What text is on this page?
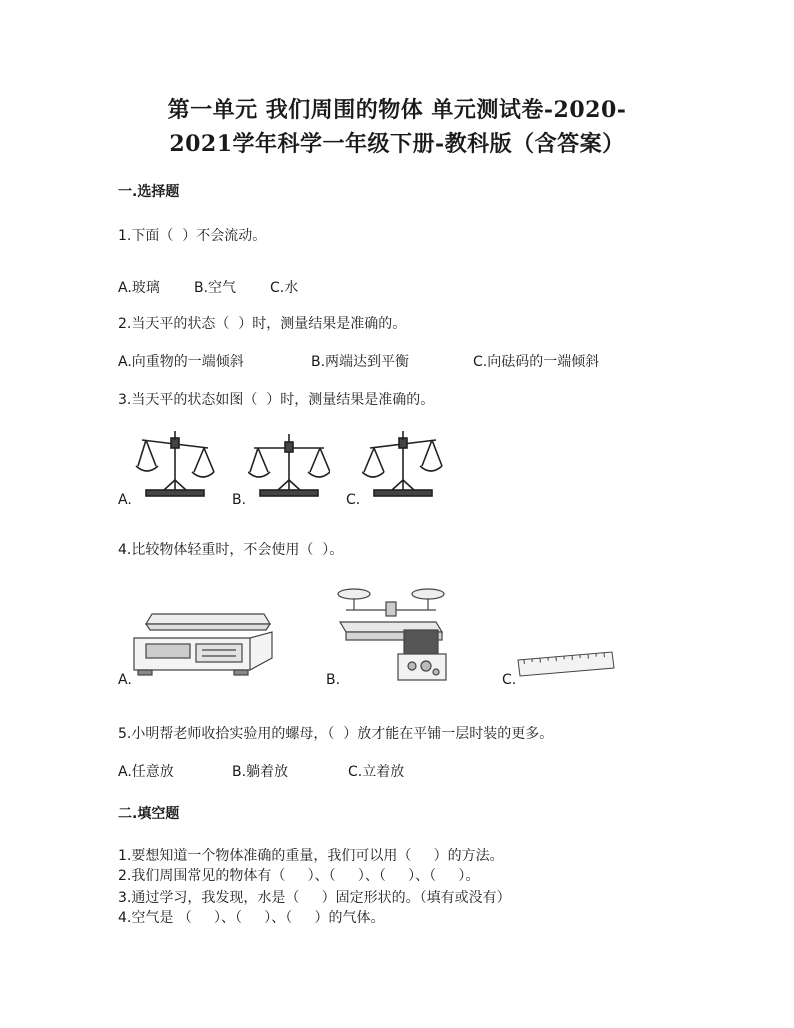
第一单元 我们周围的物体 单元测试卷-2020-
2021学年科学一年级下册-教科版（含答案）
一.选择题
1.下面（  ）不会流动。
A.玻璃 B.空气 C.水
2.当天平的状态（  ）时，测量结果是准确的。
A.向重物的一端倾斜	B.两端达到平衡	C.向砝码的一端倾斜
3.当天平的状态如图（  ）时，测量结果是准确的。
A.	B.	C.
4.比较物体轻重时，不会使用（  ）。
A.	B.	C.
5.小明帮老师收拾实验用的螺母，（  ）放才能在平铺一层时装的更多。
A.任意放	B.躺着放	C.立着放
二.填空题
1.要想知道一个物体准确的重量，我们可以用（     ）的方法。
2.我们周围常见的物体有（     ）、（     ）、（     ）、（     ）。
3.通过学习，我发现，水是（     ）固定形状的。（填有或没有）
4.空气是 （     ）、（     ）、（     ）的气体。
